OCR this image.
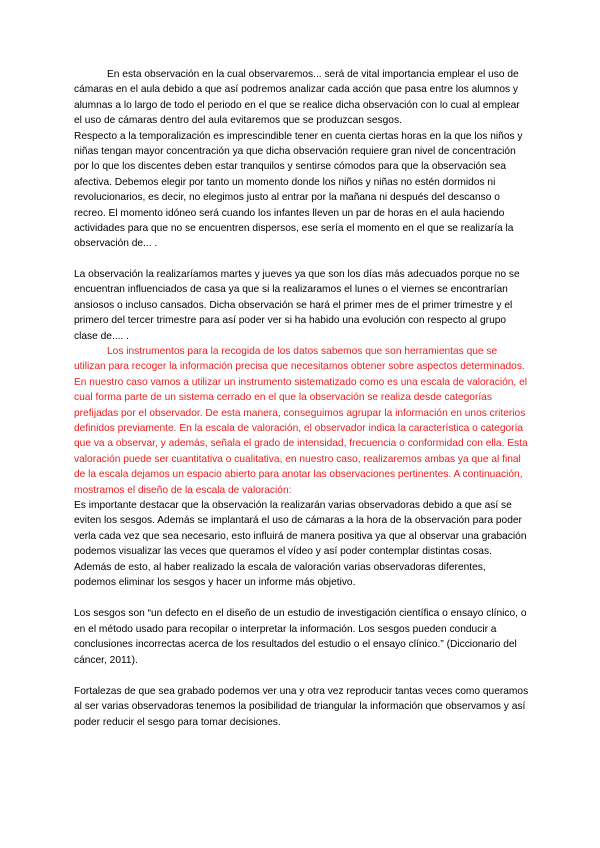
En esta observación en la cual observaremos... será de vital importancia emplear el uso de cámaras en el aula debido a que así podremos analizar cada acción que pasa entre los alumnos y alumnas a lo largo de todo el periodo en el que se realice dicha observación con lo cual al emplear el uso de cámaras dentro del aula evitaremos que se produzcan sesgos.

Respecto a la temporalización es imprescindible tener en cuenta ciertas horas en la que los niños y niñas tengan mayor concentración ya que dicha observación requiere gran nivel de concentración por lo que los discentes deben estar tranquilos y sentirse cómodos para que la observación sea afectiva. Debemos elegir por tanto un momento donde los niños y niñas no estén dormidos ni revolucionarios, es decir, no elegimos justo al entrar por la mañana ni después del descanso o recreo. El momento idóneo será cuando los infantes lleven un par de horas en el aula haciendo actividades para que no se encuentren dispersos, ese sería el momento en el que se realizaría la observación de... .

La observación la realizaríamos martes y jueves ya que son los días más adecuados porque no se encuentran influenciados de casa ya que si la realizaramos el lunes o el viernes se encontrarían ansiosos o incluso cansados. Dicha observación se hará el primer mes de el primer trimestre y el primero del tercer trimestre para así poder ver si ha habido una evolución con respecto al grupo clase de.... .

Los instrumentos para la recogida de los datos sabemos que son herramientas que se utilizan para recoger la información precisa que necesitamos obtener sobre aspectos determinados. En nuestro caso vamos a utilizar un instrumento sistematizado como es una escala de valoración, el cual forma parte de un sistema cerrado en el que la observación se realiza desde categorías prefijadas por el observador. De esta manera, conseguimos agrupar la información en unos criterios definidos previamente. En la escala de valoración, el observador indica la característica o categoría que va a observar, y además, señala el grado de intensidad, frecuencia o conformidad con ella. Esta valoración puede ser cuantitativa o cualitativa, en nuestro caso, realizaremos ambas ya que al final de la escala dejamos un espacio abierto para anotar las observaciones pertinentes. A continuación, mostramos el diseño de la escala de valoración:

Es importante destacar que la observación la realizarán varias observadoras debido a que así se eviten los sesgos. Además se implantará el uso de cámaras a la hora de la observación para poder verla cada vez que sea necesario, esto influirá de manera positiva ya que al observar una grabación podemos visualizar las veces que queramos el vídeo y así poder contemplar distintas cosas. Además de esto, al haber realizado la escala de valoración varias observadoras diferentes, podemos eliminar los sesgos y hacer un informe más objetivo.

Los sesgos son “un defecto en el diseño de un estudio de investigación científica o ensayo clínico, o en el método usado para recopilar o interpretar la información. Los sesgos pueden conducir a conclusiones incorrectas acerca de los resultados del estudio o el ensayo clínico.” (Diccionario del cáncer, 2011).

Fortalezas de que sea grabado podemos ver una y otra vez reproducir tantas veces como queramos al ser varias observadoras tenemos la posibilidad de triangular la información que observamos y así poder reducir el sesgo para tomar decisiones.
